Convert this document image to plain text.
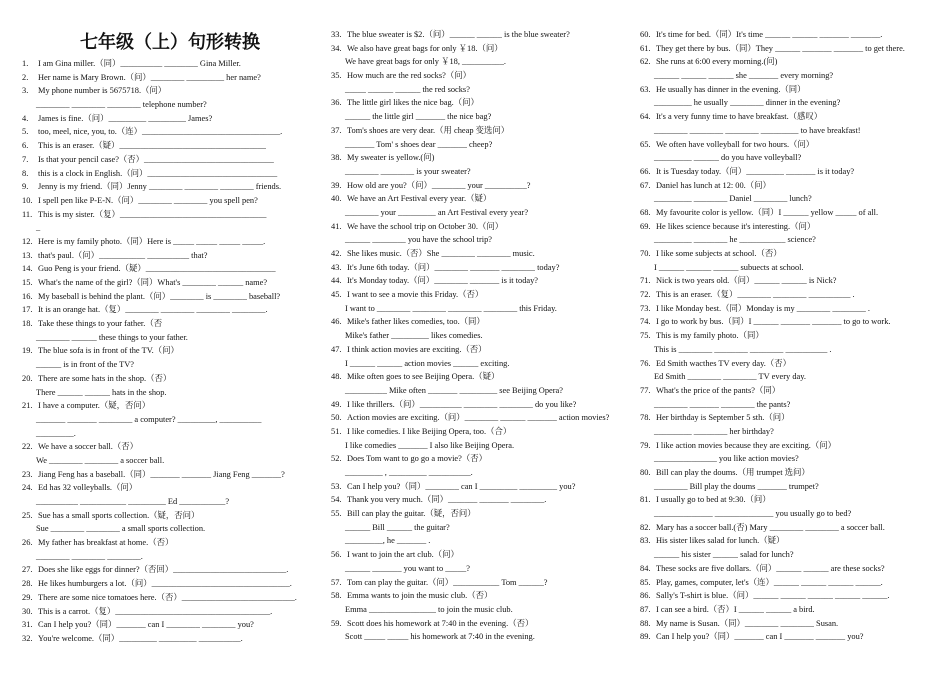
七年级（上）句形转换
1. I am Gina miller.（同）__________ ________ Gina Miller.
2. Her name is Mary Brown.（问）________ _________ her name?
3. My phone number is 5675718.（问）
________ ________ ________ telephone number?
4. James is fine.（问）_________ _________ James?
5. too, meel, nice, you, to.（连）_________________________________.
6. This is an eraser.（疑）___________________________________
7. Is that your pencil case?（否）_______________________________
8. this is a clock in English.（问）_______________________________
9. Jenny is my friend.（同）Jenny ________ ________ ________ friends.
10. I spell pen like P-E-N.（问）________ ________ you spell pen?
11. This is my sister.（复）___________________________________
_
12. Here is my family photo.（同）Here is _____ _____ _____ _____.
13. that's paul.（问）___________ __________ that?
14. Guo Peng is your friend.（疑）_______________________________
15. What's the name of the girl?（同）What's ________ ______ name?
16. My baseball is behind the plant.（问）________ is ________ baseball?
17. It is an orange hat.（复）________ ________ ________ ________.
18. Take these things to your father.（否
________ ______ these things to your father.
19. The blue sofa is in front of the TV.（问）
______ is in front of the TV?
20. There are some hats in the shop.（否）
There ______ ______ hats in the shop.
21. I have a computer.（疑，否问）
_______ _______ ________ a computer? _________, __________
_________.
22. We have a soccer ball.（否）
We ________ ________ a soccer ball.
23. Jiang Feng has a baseball.（同）_______ _______ Jiang Feng _______?
24. Ed has 32 volleyballs.（问）
__________ ___________ _________ Ed ___________?
25. Sue has a small sports collection.（疑，否问）
Sue ________ ________ a small sports collection.
26. My father has breakfast at home.（否）
________ ________ ________.
27. Does she like eggs for dinner?（否回）___________________________.
28. He likes humburgers a lot.（问）_________________________________.
29. There are some nice tomatoes here.（否）___________________________.
30. This is a carrot.（复）_____________________________________.
31. Can I help you?（同）_______ can I ________ ________ you?
32. You're welcome.（同）_________ _________ __________.
33. The blue sweater is $2.（问）______ ______ is the blue sweater?
34. We also have great bags for only ￥18.（问）
We have great bags for only ￥18, __________.
35. How much are the red socks?（问）
_____ ______ ______ the red socks?
36. The little girl likes the nice bag.（问）
______ the little girl _______ the nice bag?
37. Tom's shoes are very dear.（用 cheap 变选问）
_______ Tom' s shoes dear _______ cheep?
38. My sweater is yellow.(问)
________ ________ is your sweater?
39. How old are you?（问）________ your __________?
40. We have an Art Festival every year.（疑）
________ your _________ an Art Festival every year?
41. We have the school trip on October 30.（问）
______ ________ you have the school trip?
42. She likes music.（否）She ________ ________ music.
43. It's June 6th today.（问）________ _______ ________ today?
44. It's Monday today.（问）________ _______ is it today?
45. I want to see a movie this Friday.（否）
I want to ________ ________ ________ ________ this Friday.
46. Mike's father likes comedies, too.（同）
Mike's father _________ likes comedies.
47. I think action movies are exciting.（否）
I ______ ______ action movies ______ exciting.
48. Mike often goes to see Beijing Opera.（疑）
__________ Mike often _______ _________ see Beijing Opera?
49. I like thrillers.（问）__________ ________ ________ do you like?
50. Action movies are exciting.（问）________ ______ _______ action movies?
51. I like comedies. I like Beijing Opera, too.（合）
I like comedies _______ I also like Beijing Opera.
52. Does Tom want to go go a movie?（否）
_________ , _________ __________.
53. Can I help you?（同）________ can I _________ _________ you?
54. Thank you very much.（同）_______ _______ ________.
55. Bill can play the guitar.（疑，否问）
______ Bill ______ the guitar?
_________, he _______ .
56. I want to join the art club.（问）
______ _______ you want to _____?
57. Tom can play the guitar.（问）___________ Tom ______?
58. Emma wants to join the music club.（否）
Emma ________________ to join the music club.
59. Scott does his homework at 7:40 in the evening.（否）
Scott _____ _____ his homework at 7:40 in the evening.
60. It's time for bed.（同）It's time ______ ______ _______ _______.
61. They get there by bus.（同）They ______ _______ _______ to get there.
62. She runs at 6:00 every morning.(问)
______ ______ ______ she _______ every morning?
63. He usually has dinner in the evening.（同）
_________ he usually ________ dinner in the evening?
64. It's a very funny time to have breakfast.（感叹）
________ ________ ________ _________ to have breakfast!
65. We often have volleyball for two hours.（问）
_________ ______ do you have volleyball?
66. It is Tuesday today.（问）_________ _______ is it today?
67. Daniel has lunch at 12: 00.（问）
_________ ________ Daniel ________ lunch?
68. My favourite color is yellow.（同）I ______ yellow _____ of all.
69. He likes science because it's interesting.（问）
_________ ________ he ___________ science?
70. I like some subjects at school.（否）
I ______ ______ ______ subuects at school.
71. Nick is two years old.（问）______ ______ is Nick?
72. This is an eraser.（复）________ ________ __________ .
73. I like Monday best.（同）Monday is my ________ ________ .
74. I go to work by bus.（同）I ______ _______ _______ to go to work.
75. This is my family photo.（同）
This is ________ ________ ________ __________ .
76. Ed Smith wacthes TV every day.（否）
Ed Smith ________ ________ TV every day.
77. What's the price of the pants?（同）
________ _______ ________ the pants?
78. Her birthday is September 5 sth.（问）
_________ ________ her birthday?
79. I like action movies because they are exciting.（问）
_______________ you like action movies?
80. Bill can play the doums.（用 trumpet 选问）
________ Bill play the doums _______ trumpet?
81. I usually go to bed at 9:30.（问）
______________ ______________ you usually go to bed?
82. Mary has a soccer ball.(否) Mary ________ ________ a soccer ball.
83. His sister likes salad for lunch.（疑）
______ his sister ______ salad for lunch?
84. These socks are five dollars.（问）______ ______ are these socks?
85. Play, games, computer, let's（连）______ ______ ______ ______.
86. Sally's T-shirt is blue.（问）______ ______ ______ ______ ______.
87. I can see a bird.（否）I ______ ______ a bird.
88. My name is Susan.（同）________ ________ Susan.
89. Can I help you?（同）_______ can I _______ _______ you?
